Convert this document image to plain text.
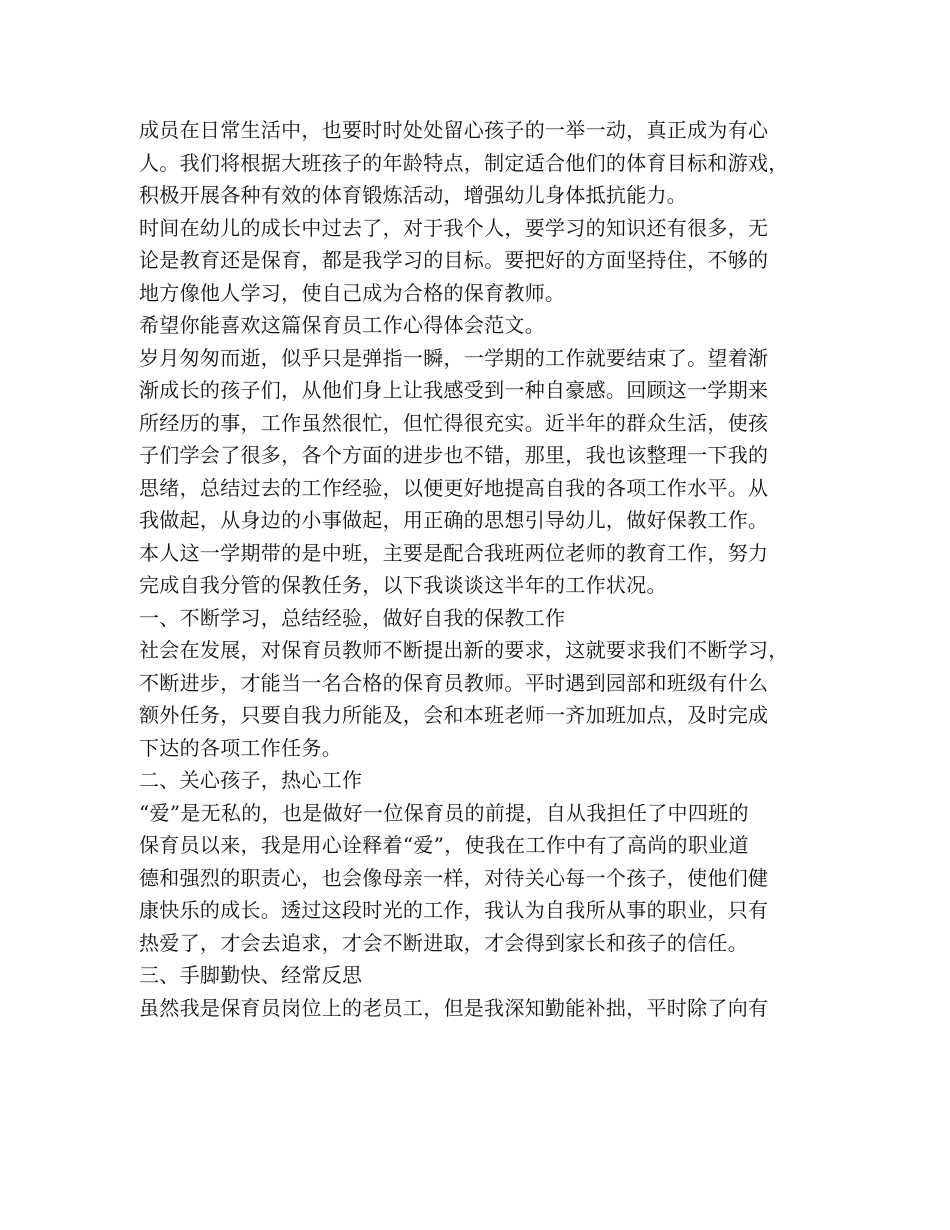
成员在日常生活中，也要时时处处留心孩子的一举一动，真正成为有心
人。我们将根据大班孩子的年龄特点，制定适合他们的体育目标和游戏，
积极开展各种有效的体育锻炼活动，增强幼儿身体抵抗能力。
时间在幼儿的成长中过去了，对于我个人，要学习的知识还有很多，无
论是教育还是保育，都是我学习的目标。要把好的方面坚持住，不够的
地方像他人学习，使自己成为合格的保育教师。
希望你能喜欢这篇保育员工作心得体会范文。
岁月匆匆而逝，似乎只是弹指一瞬，一学期的工作就要结束了。望着渐
渐成长的孩子们，从他们身上让我感受到一种自豪感。回顾这一学期来
所经历的事，工作虽然很忙，但忙得很充实。近半年的群众生活，使孩
子们学会了很多，各个方面的进步也不错，那里，我也该整理一下我的
思绪，总结过去的工作经验，以便更好地提高自我的各项工作水平。从
我做起，从身边的小事做起，用正确的思想引导幼儿，做好保教工作。
本人这一学期带的是中班，主要是配合我班两位老师的教育工作，努力
完成自我分管的保教任务，以下我谈谈这半年的工作状况。
一、不断学习，总结经验，做好自我的保教工作
社会在发展，对保育员教师不断提出新的要求，这就要求我们不断学习，
不断进步，才能当一名合格的保育员教师。平时遇到园部和班级有什么
额外任务，只要自我力所能及，会和本班老师一齐加班加点，及时完成
下达的各项工作任务。
二、关心孩子，热心工作
“爱”是无私的，也是做好一位保育员的前提，自从我担任了中四班的
保育员以来，我是用心诠释着“爱”，使我在工作中有了高尚的职业道
德和强烈的职责心，也会像母亲一样，对待关心每一个孩子，使他们健
康快乐的成长。透过这段时光的工作，我认为自我所从事的职业，只有
热爱了，才会去追求，才会不断进取，才会得到家长和孩子的信任。
三、手脚勤快、经常反思
虽然我是保育员岗位上的老员工，但是我深知勤能补拙，平时除了向有
